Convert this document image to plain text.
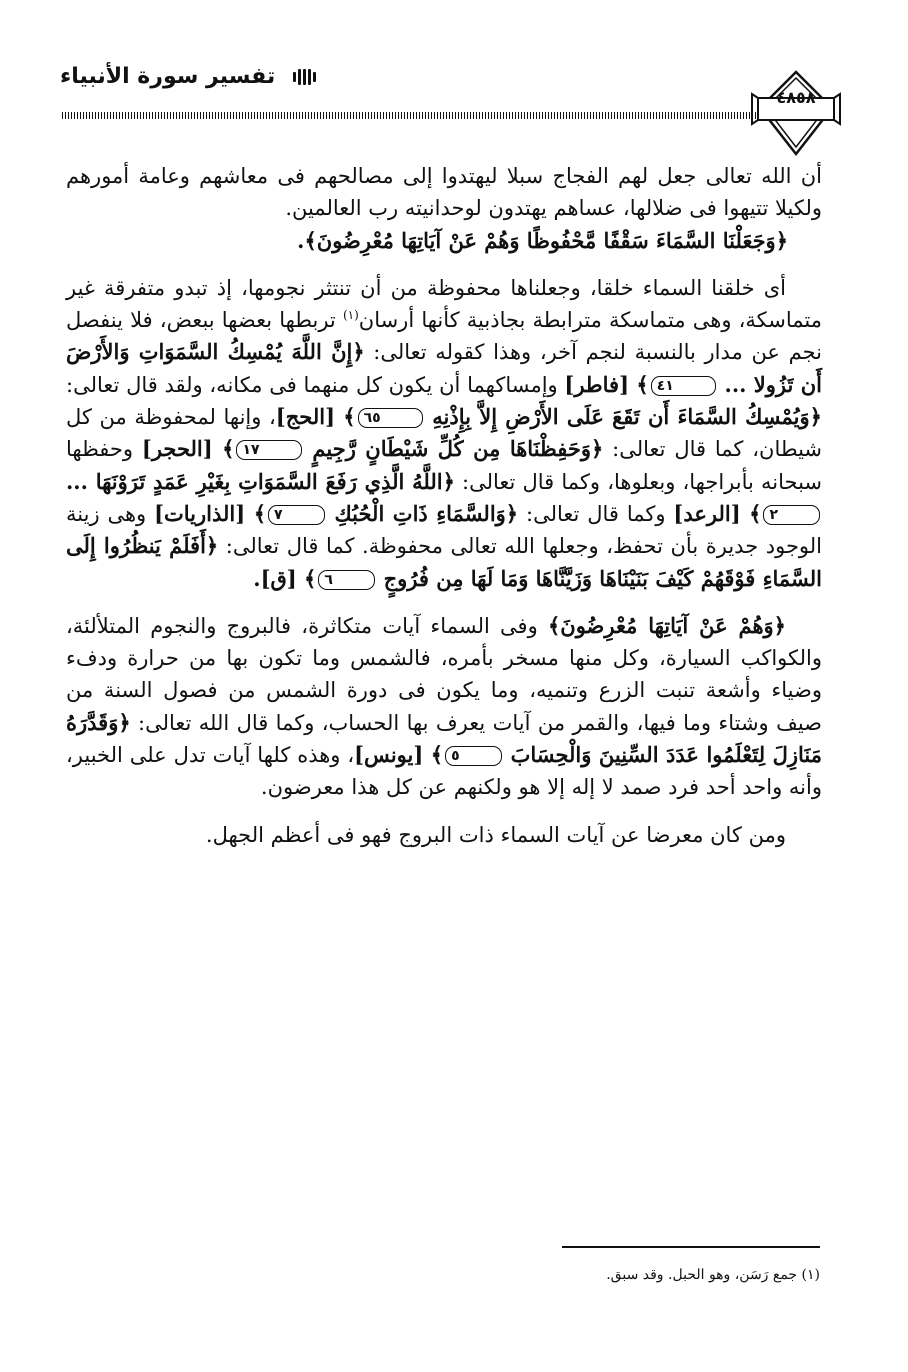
تفسير سورة الأنبياء
٤٨٥٨

أن الله تعالى جعل لهم الفجاج سبلا ليهتدوا إلى مصالحهم فى معاشهم وعامة أمورهم ولكيلا تتيهوا فى ضلالها، عساهم يهتدون لوحدانيته رب العالمين.

﴿وَجَعَلْنَا السَّمَاءَ سَقْفًا مَّحْفُوظًا وَهُمْ عَنْ آيَاتِهَا مُعْرِضُونَ﴾.

أى خلقنا السماء خلقا، وجعلناها محفوظة من أن تنتثر نجومها، إذ تبدو متفرقة غير متماسكة، وهى متماسكة مترابطة بجاذبية كأنها أرسان$^{(١)}$ تربطها بعضها ببعض، فلا ينفصل نجم عن مدار بالنسبة لنجم آخر، وهذا كقوله تعالى: ﴿إِنَّ اللَّهَ يُمْسِكُ السَّمَوَاتِ وَالأَرْضَ أَن تَزُولا ... ٤١﴾ [فاطر] وإمساكهما أن يكون كل منهما فى مكانه، ولقد قال تعالى: ﴿وَيُمْسِكُ السَّمَاءَ أَن تَقَعَ عَلَى الأَرْضِ إِلاَّ بِإِذْنِهِ ٦٥﴾ [الحج]، وإنها لمحفوظة من كل شيطان، كما قال تعالى: ﴿وَحَفِظْنَاهَا مِن كُلِّ شَيْطَانٍ رَّجِيمٍ ١٧﴾ [الحجر] وحفظها سبحانه بأبراجها، وبعلوها، وكما قال تعالى: ﴿اللَّهُ الَّذِي رَفَعَ السَّمَوَاتِ بِغَيْرِ عَمَدٍ تَرَوْنَهَا ... ٢﴾ [الرعد] وكما قال تعالى: ﴿وَالسَّمَاءِ ذَاتِ الْحُبُكِ ٧﴾ [الذاريات] وهى زينة الوجود جديرة بأن تحفظ، وجعلها الله تعالى محفوظة. كما قال تعالى: ﴿أَفَلَمْ يَنظُرُوا إِلَى السَّمَاءِ فَوْقَهُمْ كَيْفَ بَنَيْنَاهَا وَزَيَّنَّاهَا وَمَا لَهَا مِن فُرُوجٍ ٦﴾ [ق].

﴿وَهُمْ عَنْ آيَاتِهَا مُعْرِضُونَ﴾ وفى السماء آيات متكاثرة، فالبروج والنجوم المتلألئة، والكواكب السيارة، وكل منها مسخر بأمره، فالشمس وما تكون بها من حرارة ودفء وضياء وأشعة تنبت الزرع وتنميه، وما يكون فى دورة الشمس من فصول السنة من صيف وشتاء وما فيها، والقمر من آيات يعرف بها الحساب، وكما قال الله تعالى: ﴿وَقَدَّرَهُ مَنَازِلَ لِتَعْلَمُوا عَدَدَ السِّنِينَ وَالْحِسَابَ ٥﴾ [يونس]، وهذه كلها آيات تدل على الخبير، وأنه واحد أحد فرد صمد لا إله إلا هو ولكنهم عن كل هذا معرضون.

ومن كان معرضا عن آيات السماء ذات البروج فهو فى أعظم الجهل.

(١) جمع رَسَن، وهو الحبل. وقد سبق.
